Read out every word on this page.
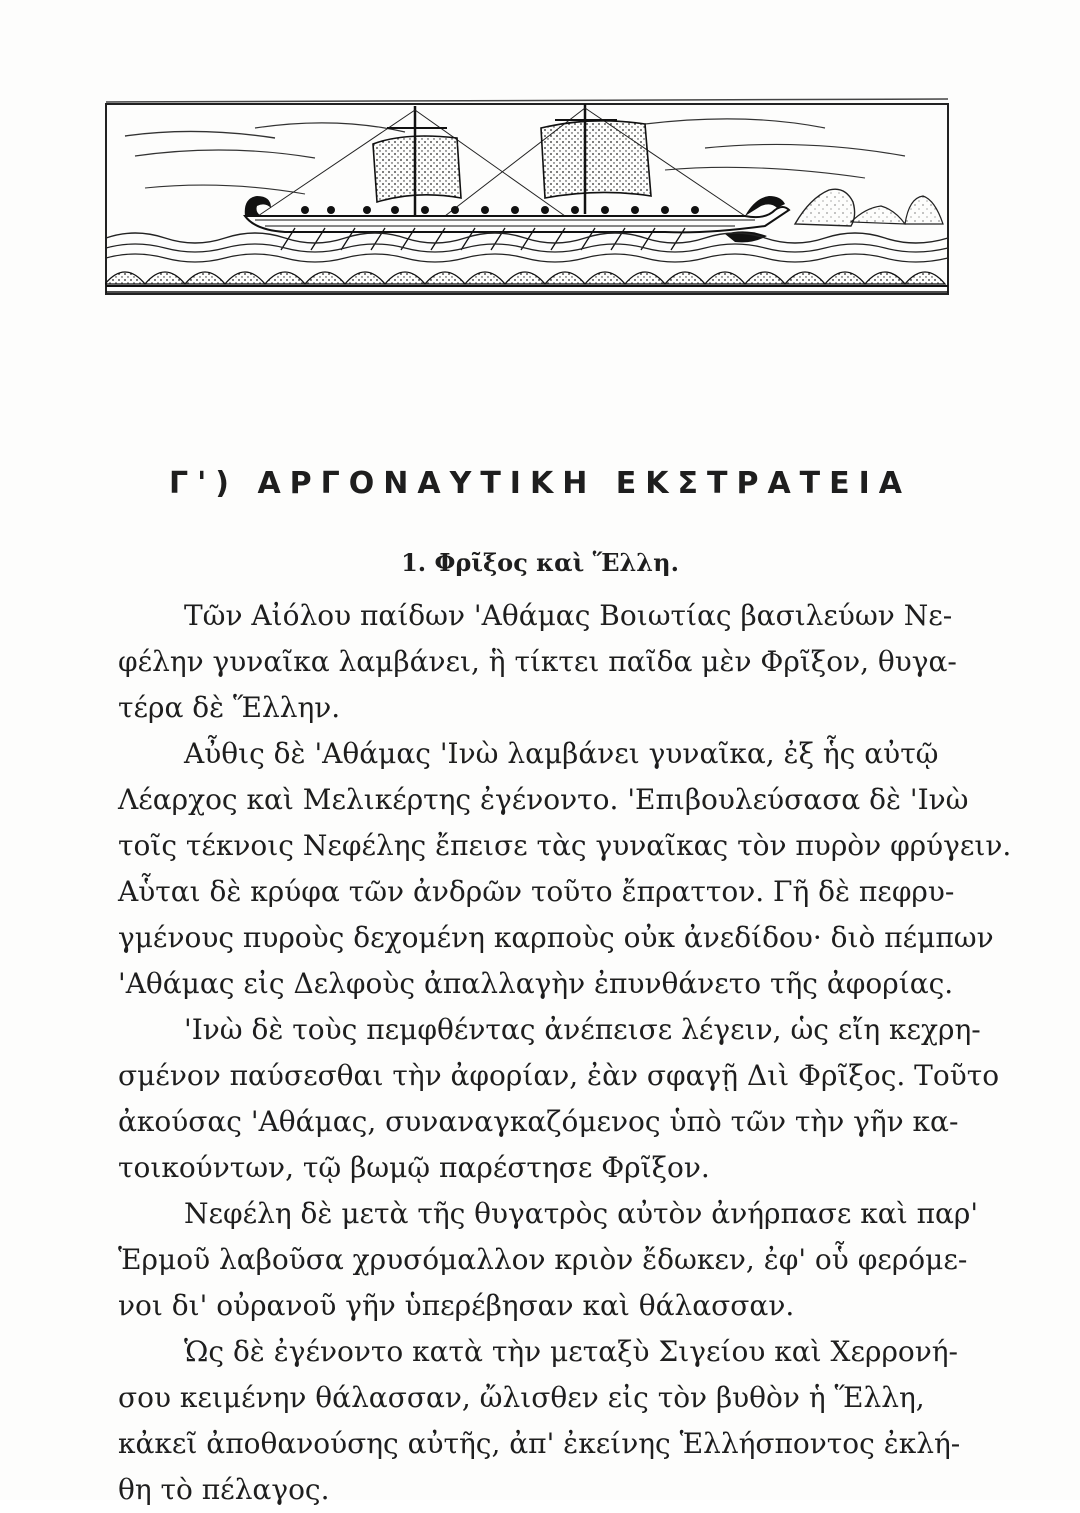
Γ') ΑΡΓΟΝΑΥΤΙΚΗ ΕΚΣΤΡΑΤΕΙΑ
1. Φρῖξος καὶ Ἕλλη.

Τῶν Αἰόλου παίδων 'Αθάμας Βοιωτίας βασιλεύων Νε-
φέλην γυναῖκα λαμβάνει, ἣ τίκτει παῖδα μὲν Φρῖξον, θυγα-
τέρα δὲ Ἕλλην.

Αὖθις δὲ 'Αθάμας 'Ινὼ λαμβάνει γυναῖκα, ἐξ ἧς αὐτῷ
Λέαρχος καὶ Μελικέρτης ἐγένοντο. 'Επιβουλεύσασα δὲ 'Ινὼ
τοῖς τέκνοις Νεφέλης ἔπεισε τὰς γυναῖκας τὸν πυρὸν φρύγειν.
Αὗται δὲ κρύφα τῶν ἀνδρῶν τοῦτο ἔπραττον. Γῆ δὲ πεφρυ-
γμένους πυροὺς δεχομένη καρποὺς οὐκ ἀνεδίδου· διὸ πέμπων
'Αθάμας εἰς Δελφοὺς ἀπαλλαγὴν ἐπυνθάνετο τῆς ἀφορίας.

'Ινὼ δὲ τοὺς πεμφθέντας ἀνέπεισε λέγειν, ὡς εἴη κεχρη-
σμένον παύσεσθαι τὴν ἀφορίαν, ἐὰν σφαγῇ Διὶ Φρῖξος. Τοῦτο
ἀκούσας 'Αθάμας, συναναγκαζόμενος ὑπὸ τῶν τὴν γῆν κα-
τοικούντων, τῷ βωμῷ παρέστησε Φρῖξον.

Νεφέλη δὲ μετὰ τῆς θυγατρὸς αὐτὸν ἀνήρπασε καὶ παρ'
Ἑρμοῦ λαβοῦσα χρυσόμαλλον κριὸν ἔδωκεν, ἐφ' οὗ φερόμε-
νοι δι' οὐρανοῦ γῆν ὑπερέβησαν καὶ θάλασσαν.

Ὡς δὲ ἐγένοντο κατὰ τὴν μεταξὺ Σιγείου καὶ Χερρονή-
σου κειμένην θάλασσαν, ὤλισθεν εἰς τὸν βυθὸν ἡ Ἕλλη,
κἀκεῖ ἀποθανούσης αὐτῆς, ἀπ' ἐκείνης Ἑλλήσποντος ἐκλή-
θη τὸ πέλαγος.
